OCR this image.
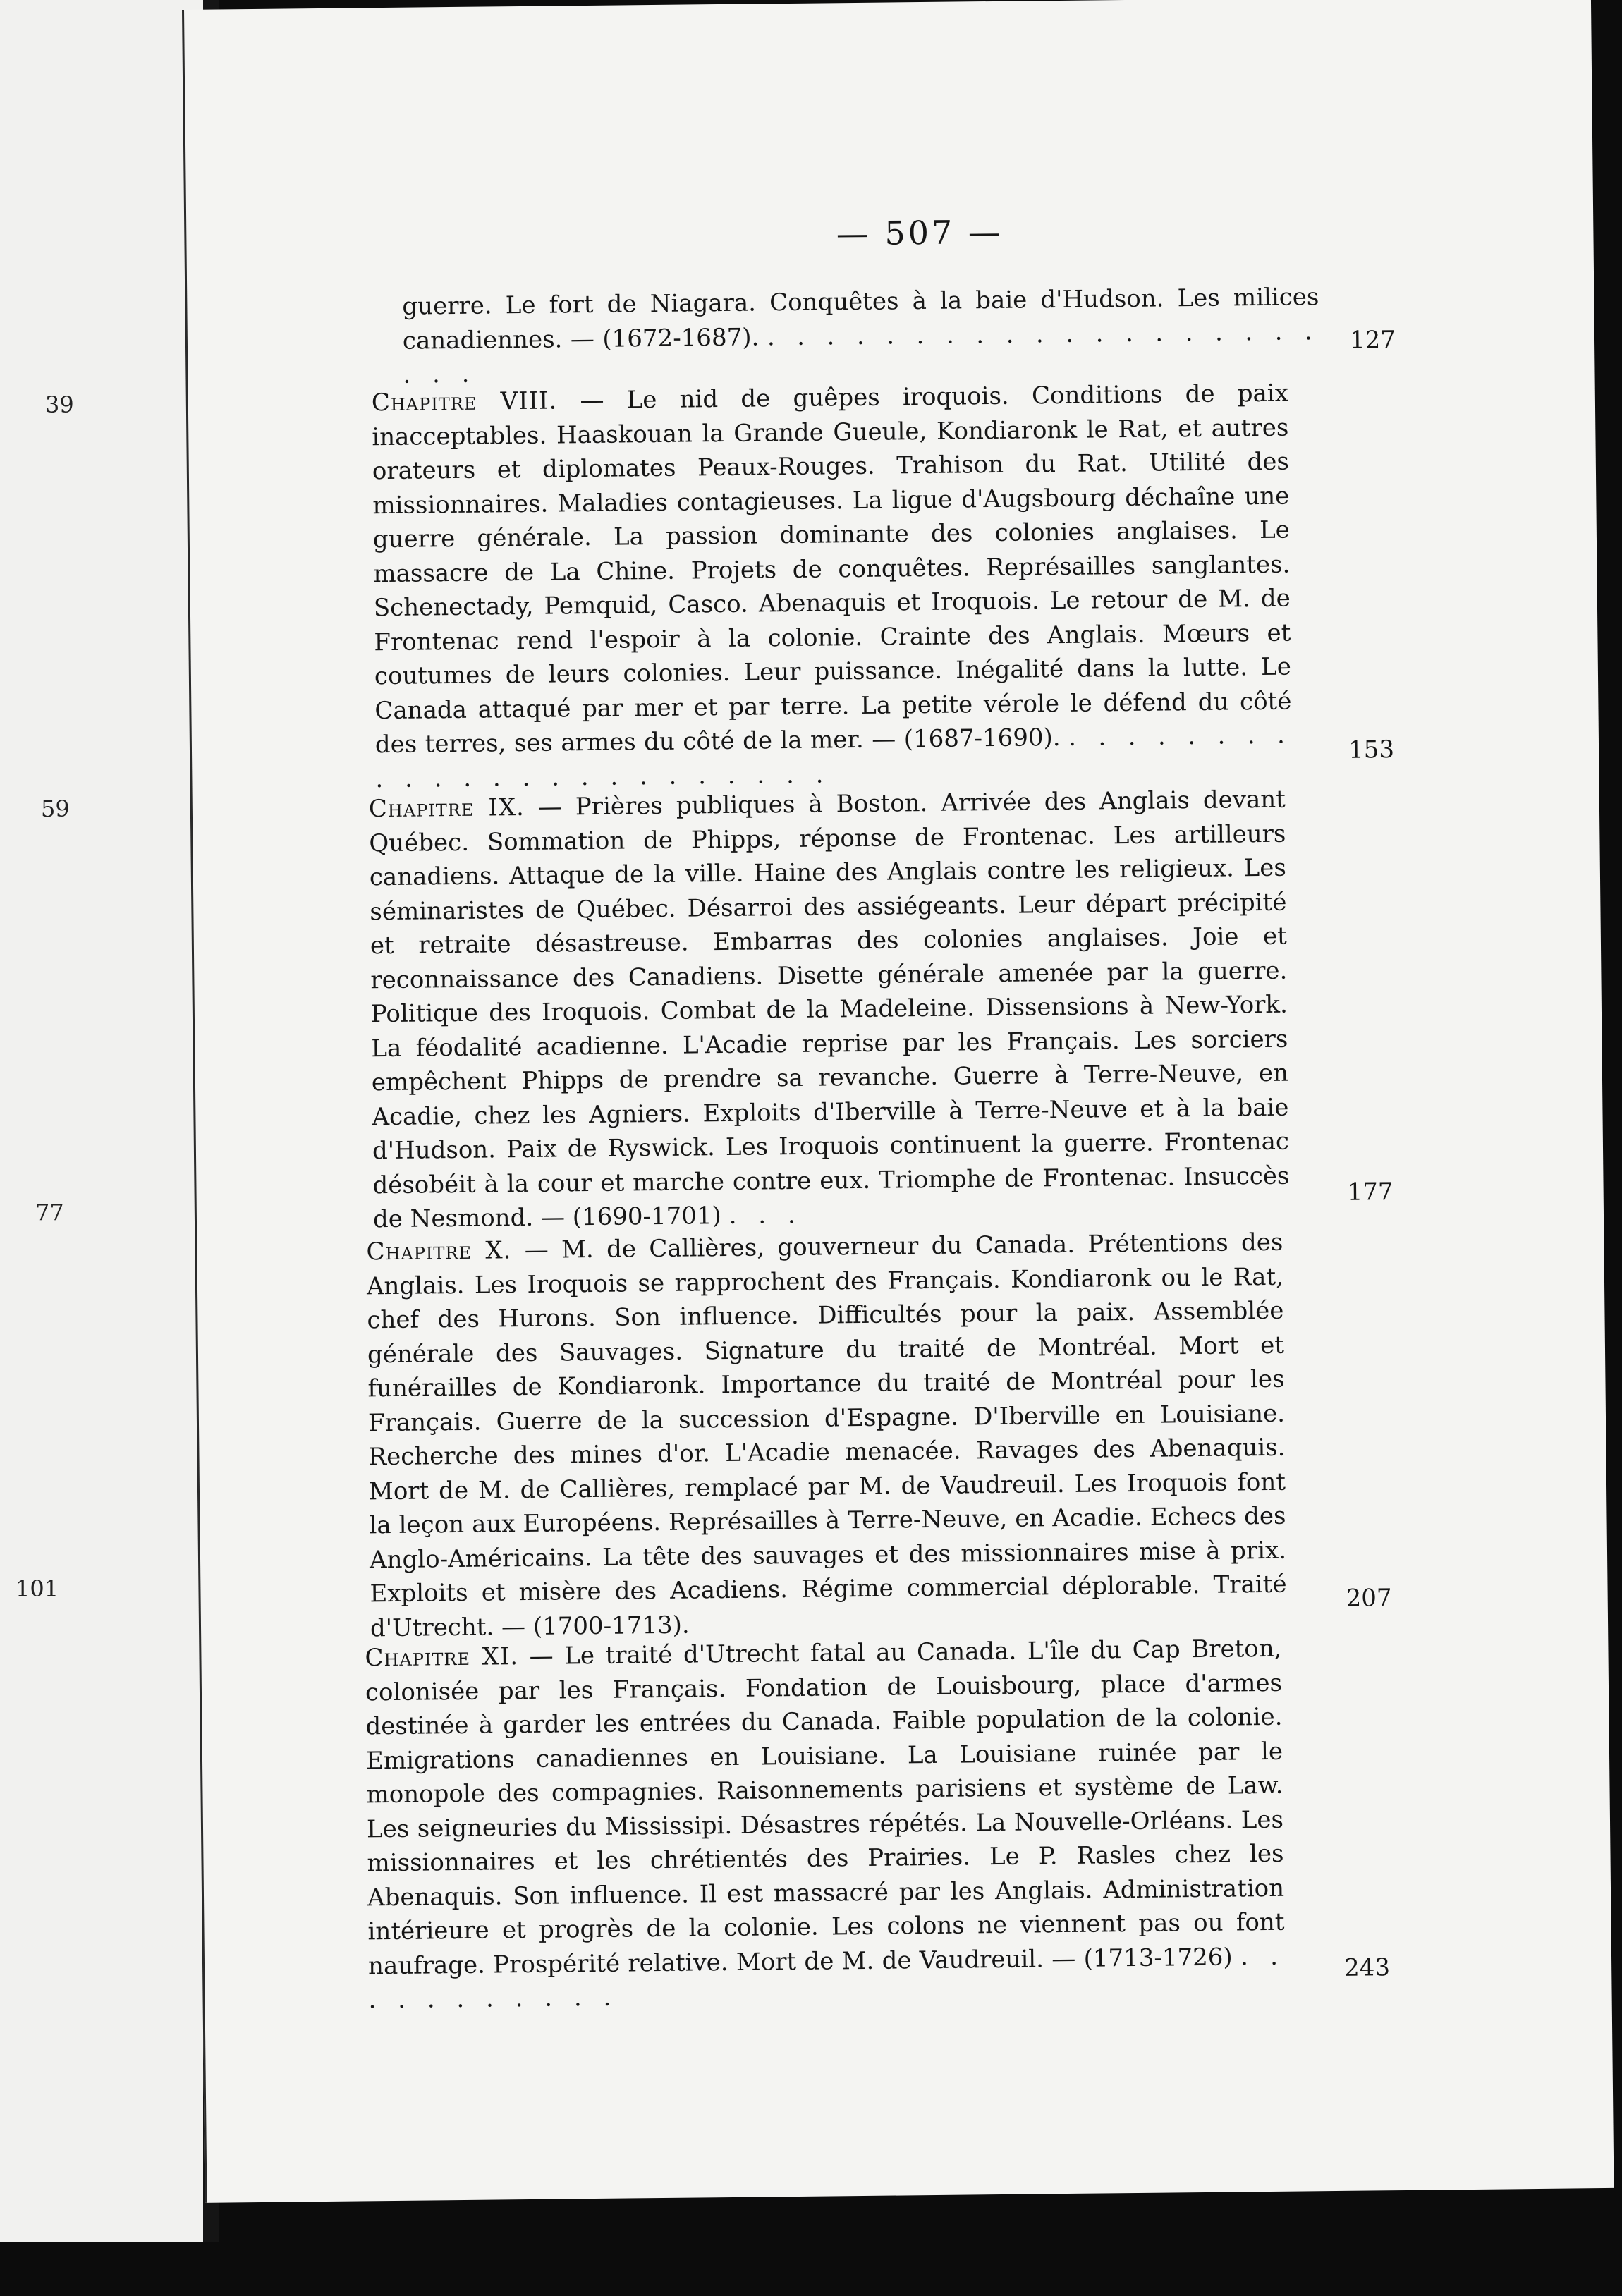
39
59
77
101
— 507 —
guerre. Le fort de Niagara. Conquêtes à la baie d'Hudson. Les milices canadiennes. — (1672-1687). . . . . . . . . . . . . . . . . . . . . . .
127
Chapitre VIII. — Le nid de guêpes iroquois. Conditions de paix inacceptables. Haaskouan la Grande Gueule, Kondiaronk le Rat, et autres orateurs et diplomates Peaux-Rouges. Trahison du Rat. Utilité des missionnaires. Maladies contagieuses. La ligue d'Augsbourg déchaîne une guerre générale. La passion dominante des colonies anglaises. Le massacre de La Chine. Projets de conquêtes. Représailles sanglantes. Schenectady, Pemquid, Casco. Abenaquis et Iroquois. Le retour de M. de Frontenac rend l'espoir à la colonie. Crainte des Anglais. Mœurs et coutumes de leurs colonies. Leur puissance. Inégalité dans la lutte. Le Canada attaqué par mer et par terre. La petite vérole le défend du côté des terres, ses armes du côté de la mer. — (1687-1690). . . . . . . . . . . . . . . . . . . . . . . . .
153
Chapitre IX. — Prières publiques à Boston. Arrivée des Anglais devant Québec. Sommation de Phipps, réponse de Frontenac. Les artilleurs canadiens. Attaque de la ville. Haine des Anglais contre les religieux. Les séminaristes de Québec. Désarroi des assiégeants. Leur départ précipité et retraite désastreuse. Embarras des colonies anglaises. Joie et reconnaissance des Canadiens. Disette générale amenée par la guerre. Politique des Iroquois. Combat de la Madeleine. Dissensions à New-York. La féodalité acadienne. L'Acadie reprise par les Français. Les sorciers empêchent Phipps de prendre sa revanche. Guerre à Terre-Neuve, en Acadie, chez les Agniers. Exploits d'Iberville à Terre-Neuve et à la baie d'Hudson. Paix de Ryswick. Les Iroquois continuent la guerre. Frontenac désobéit à la cour et marche contre eux. Triomphe de Frontenac. Insuccès de Nesmond. — (1690-1701) . . .
177
Chapitre X. — M. de Callières, gouverneur du Canada. Prétentions des Anglais. Les Iroquois se rapprochent des Français. Kondiaronk ou le Rat, chef des Hurons. Son influence. Difficultés pour la paix. Assemblée générale des Sauvages. Signature du traité de Montréal. Mort et funérailles de Kondiaronk. Importance du traité de Montréal pour les Français. Guerre de la succession d'Espagne. D'Iberville en Louisiane. Recherche des mines d'or. L'Acadie menacée. Ravages des Abenaquis. Mort de M. de Callières, remplacé par M. de Vaudreuil. Les Iroquois font la leçon aux Européens. Représailles à Terre-Neuve, en Acadie. Echecs des Anglo-Américains. La tête des sauvages et des missionnaires mise à prix. Exploits et misère des Acadiens. Régime commercial déplorable. Traité d'Utrecht. — (1700-1713).
207
Chapitre XI. — Le traité d'Utrecht fatal au Canada. L'île du Cap Breton, colonisée par les Français. Fondation de Louisbourg, place d'armes destinée à garder les entrées du Canada. Faible population de la colonie. Emigrations canadiennes en Louisiane. La Louisiane ruinée par le monopole des compagnies. Raisonnements parisiens et système de Law. Les seigneuries du Mississipi. Désastres répétés. La Nouvelle-Orléans. Les missionnaires et les chrétientés des Prairies. Le P. Rasles chez les Abenaquis. Son influence. Il est massacré par les Anglais. Administration intérieure et progrès de la colonie. Les colons ne viennent pas ou font naufrage. Prospérité relative. Mort de M. de Vaudreuil. — (1713-1726) . . . . . . . . . . .
243
